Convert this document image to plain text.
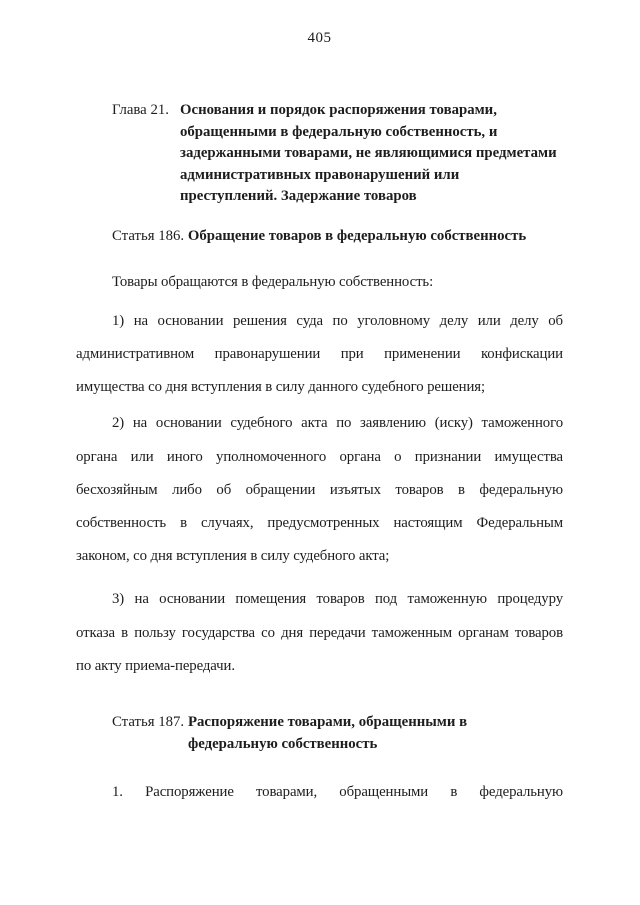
405
Глава 21. Основания и порядок распоряжения товарами,
обращенными в федеральную собственность, и
задержанными товарами, не являющимися предметами
административных правонарушений или
преступлений. Задержание товаров
Статья 186. Обращение товаров в федеральную собственность
Товары обращаются в федеральную собственность:
1) на основании решения суда по уголовному делу или делу об
административном правонарушении при применении конфискации
имущества со дня вступления в силу данного судебного решения;
2) на основании судебного акта по заявлению (иску) таможенного
органа или иного уполномоченного органа о признании имущества
бесхозяйным либо об обращении изъятых товаров в федеральную
собственность в случаях, предусмотренных настоящим Федеральным
законом, со дня вступления в силу судебного акта;
3) на основании помещения товаров под таможенную процедуру
отказа в пользу государства со дня передачи таможенным органам товаров
по акту приема-передачи.
Статья 187. Распоряжение товарами, обращенными в
федеральную собственность
1. Распоряжение товарами, обращенными в федеральную
